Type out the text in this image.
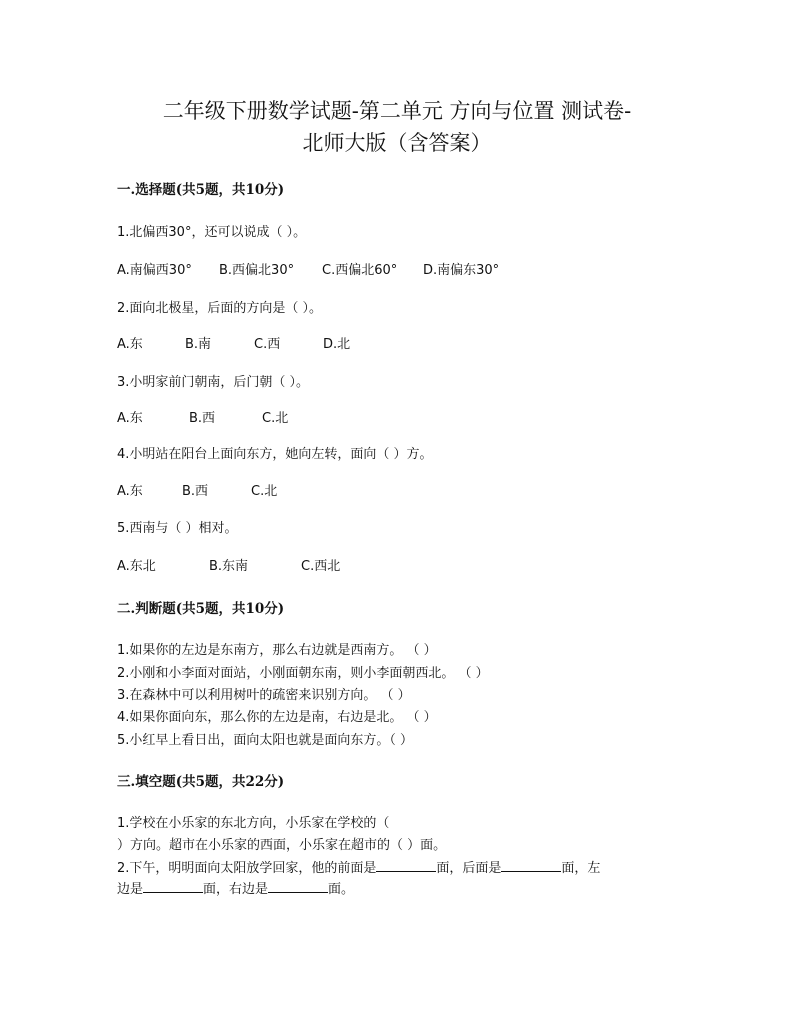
二年级下册数学试题-第二单元 方向与位置 测试卷-
北师大版（含答案）

一.选择题(共5题，共10分)

1.北偏西30°，还可以说成（ ）。

A.南偏西30° B.西偏北30° C.西偏北60° D.南偏东30°

2.面向北极星，后面的方向是（ ）。

A.东	B.南	C.西	D.北

3.小明家前门朝南，后门朝（ ）。

A.东	B.西	C.北

4.小明站在阳台上面向东方，她向左转，面向（ ）方。

A.东	B.西	C.北

5.西南与（ ）相对。

A.东北	B.东南	C.西北

二.判断题(共5题，共10分)

1.如果你的左边是东南方，那么右边就是西南方。 （ ）

2.小刚和小李面对面站，小刚面朝东南，则小李面朝西北。 （ ）

3.在森林中可以利用树叶的疏密来识别方向。 （ ）

4.如果你面向东，那么你的左边是南，右边是北。 （ ）

5.小红早上看日出，面向太阳也就是面向东方。（ ）

三.填空题(共5题，共22分)

1.学校在小乐家的东北方向，小乐家在学校的（

）方向。超市在小乐家的西面，小乐家在超市的（ ）面。

2.下午，明明面向太阳放学回家，他的前面是	面，后面是	面，左

边是	面，右边是	面。
